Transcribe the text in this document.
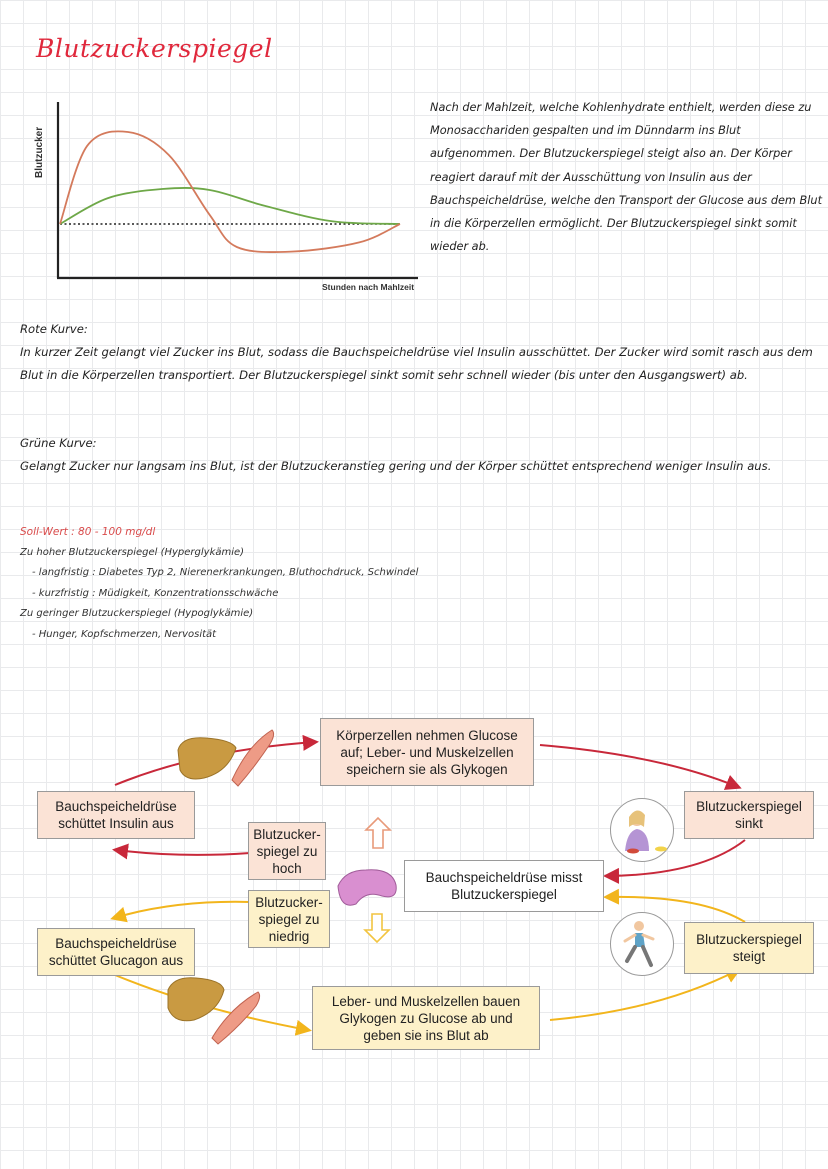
Blutzuckerspiegel
Blutzucker
Stunden nach Mahlzeit
Nach der Mahlzeit, welche Kohlenhydrate enthielt, werden diese zu Monosacchariden gespalten und im Dünndarm ins Blut aufgenommen. Der Blutzuckerspiegel steigt also an. Der Körper reagiert darauf mit der Ausschüttung von Insulin aus der Bauchspeicheldrüse, welche den Transport der Glucose aus dem Blut in die Körperzellen ermöglicht. Der Blutzuckerspiegel sinkt somit wieder ab.
Rote Kurve:
In kurzer Zeit gelangt viel Zucker ins Blut, sodass die Bauchspeicheldrüse viel Insulin ausschüttet. Der Zucker wird somit rasch aus dem Blut in die Körperzellen transportiert. Der Blutzuckerspiegel sinkt somit sehr schnell wieder (bis unter den Ausgangswert) ab.
Grüne Kurve:
Gelangt Zucker nur langsam ins Blut, ist der Blutzuckeranstieg gering und der Körper schüttet entsprechend weniger Insulin aus.
Soll-Wert : 80 - 100 mg/dl
Zu hoher Blutzuckerspiegel (Hyperglykämie)
- langfristig : Diabetes Typ 2, Nierenerkrankungen, Bluthochdruck, Schwindel
- kurzfristig : Müdigkeit, Konzentrationsschwäche
Zu geringer Blutzuckerspiegel (Hypoglykämie)
- Hunger, Kopfschmerzen, Nervosität
Körperzellen nehmen Glucose auf; Leber- und Muskelzellen speichern sie als Glykogen
Bauchspeicheldrüse schüttet Insulin aus
Blutzuckerspiegel sinkt
Blutzucker-spiegel zu hoch
Bauchspeicheldrüse misst Blutzuckerspiegel
Blutzucker-spiegel zu niedrig
Bauchspeicheldrüse schüttet Glucagon aus
Blutzuckerspiegel steigt
Leber- und Muskelzellen bauen Glykogen zu Glucose ab und geben sie ins Blut ab
